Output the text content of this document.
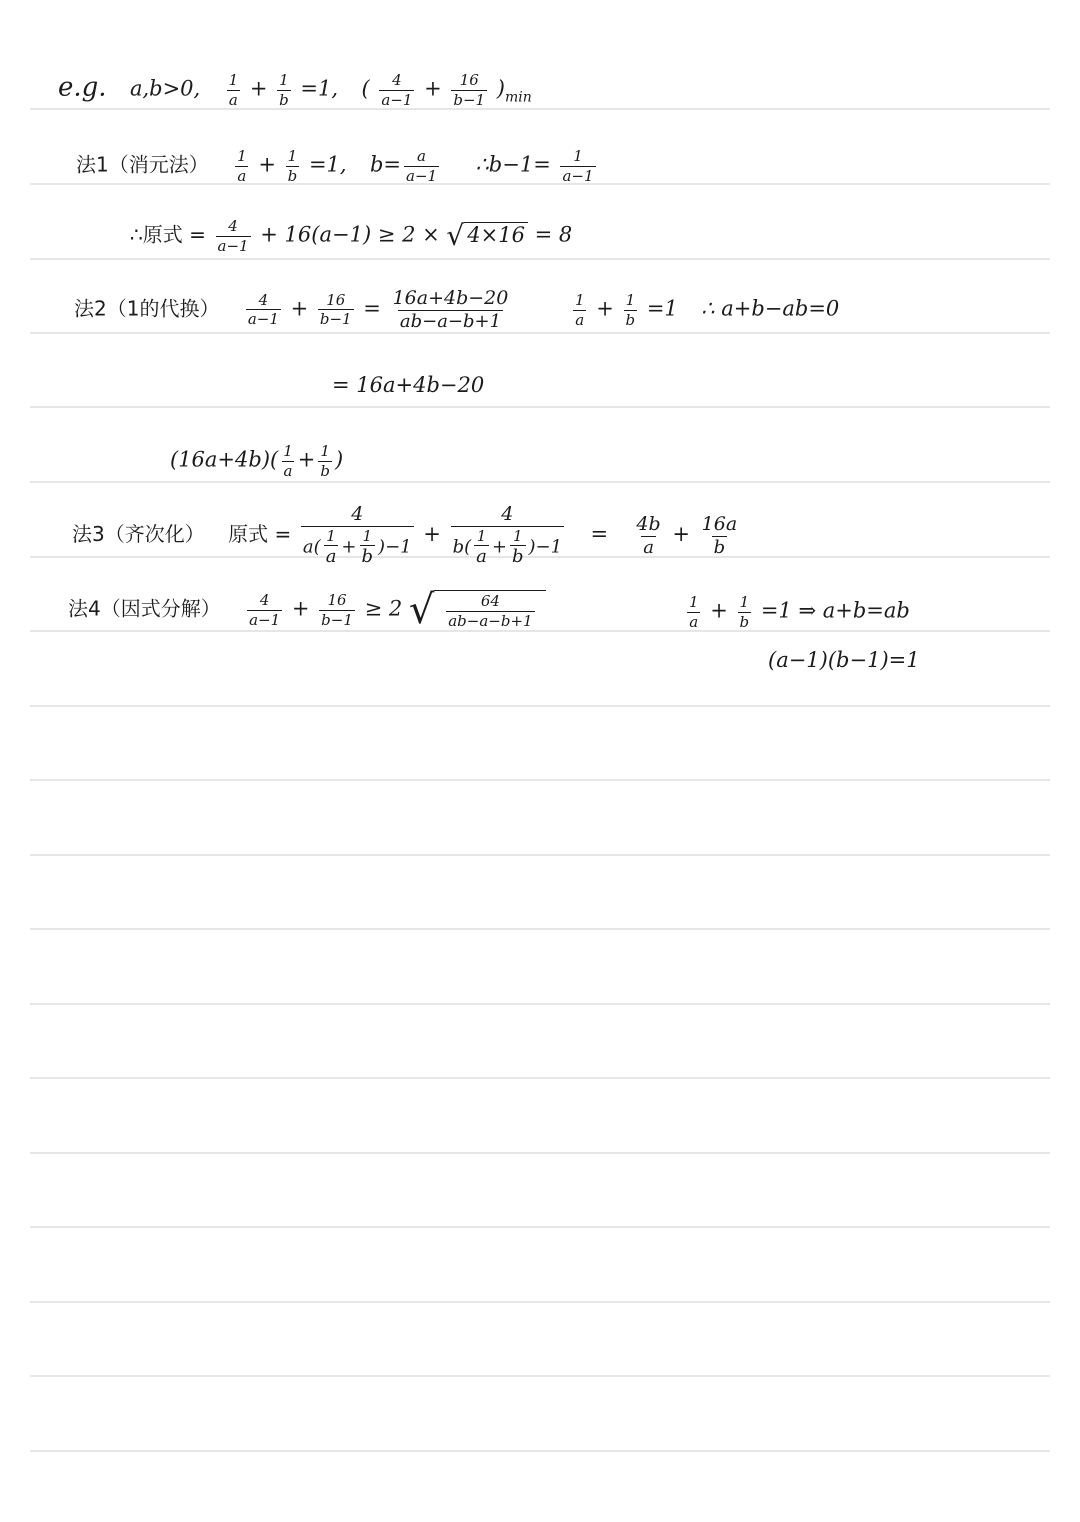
e.g. a,b>0, $\frac{1}{a} + \frac{1}{b} =1$, ( $\frac{4}{a-1} + \frac{16}{b-1} )_{min}$
法1（消元法） $\frac{1}{a} + \frac{1}{b} =1$, $b= \frac{a}{a-1}$ ∴b−1= $\frac{1}{a-1}$
∴原式 = $\frac{4}{a-1} + 16(a-1) \ge 2$ × √ 4×16 = 8
法2（1的代换） $\frac{4}{a-1} + \frac{16}{b-1} = \frac{16a+4b-20}{ab-a-b+1}$	$\frac{1}{a} + \frac{1}{b} =1$ ∴ a+b−ab=0
= 16a+4b−20
$(16a+4b)( \frac{1}{a} + \frac{1}{b}$ )
法3（齐次化） 原式 = $\frac{4}{a( \frac{1}{a} + \frac{1}{b} )-1} + \frac{4}{b( \frac{1}{a} + \frac{1}{b} )-1} = \frac{4b}{a} + \frac{16a}{b}$
法4（因式分解） $\frac{4}{a-1} + \frac{16}{b-1} \ge 2$ √ $\frac{64}{ab-a-b+1}$	$\frac{1}{a} + \frac{1}{b} =1$ ⇒ a+b=ab
(a−1)(b−1)=1
